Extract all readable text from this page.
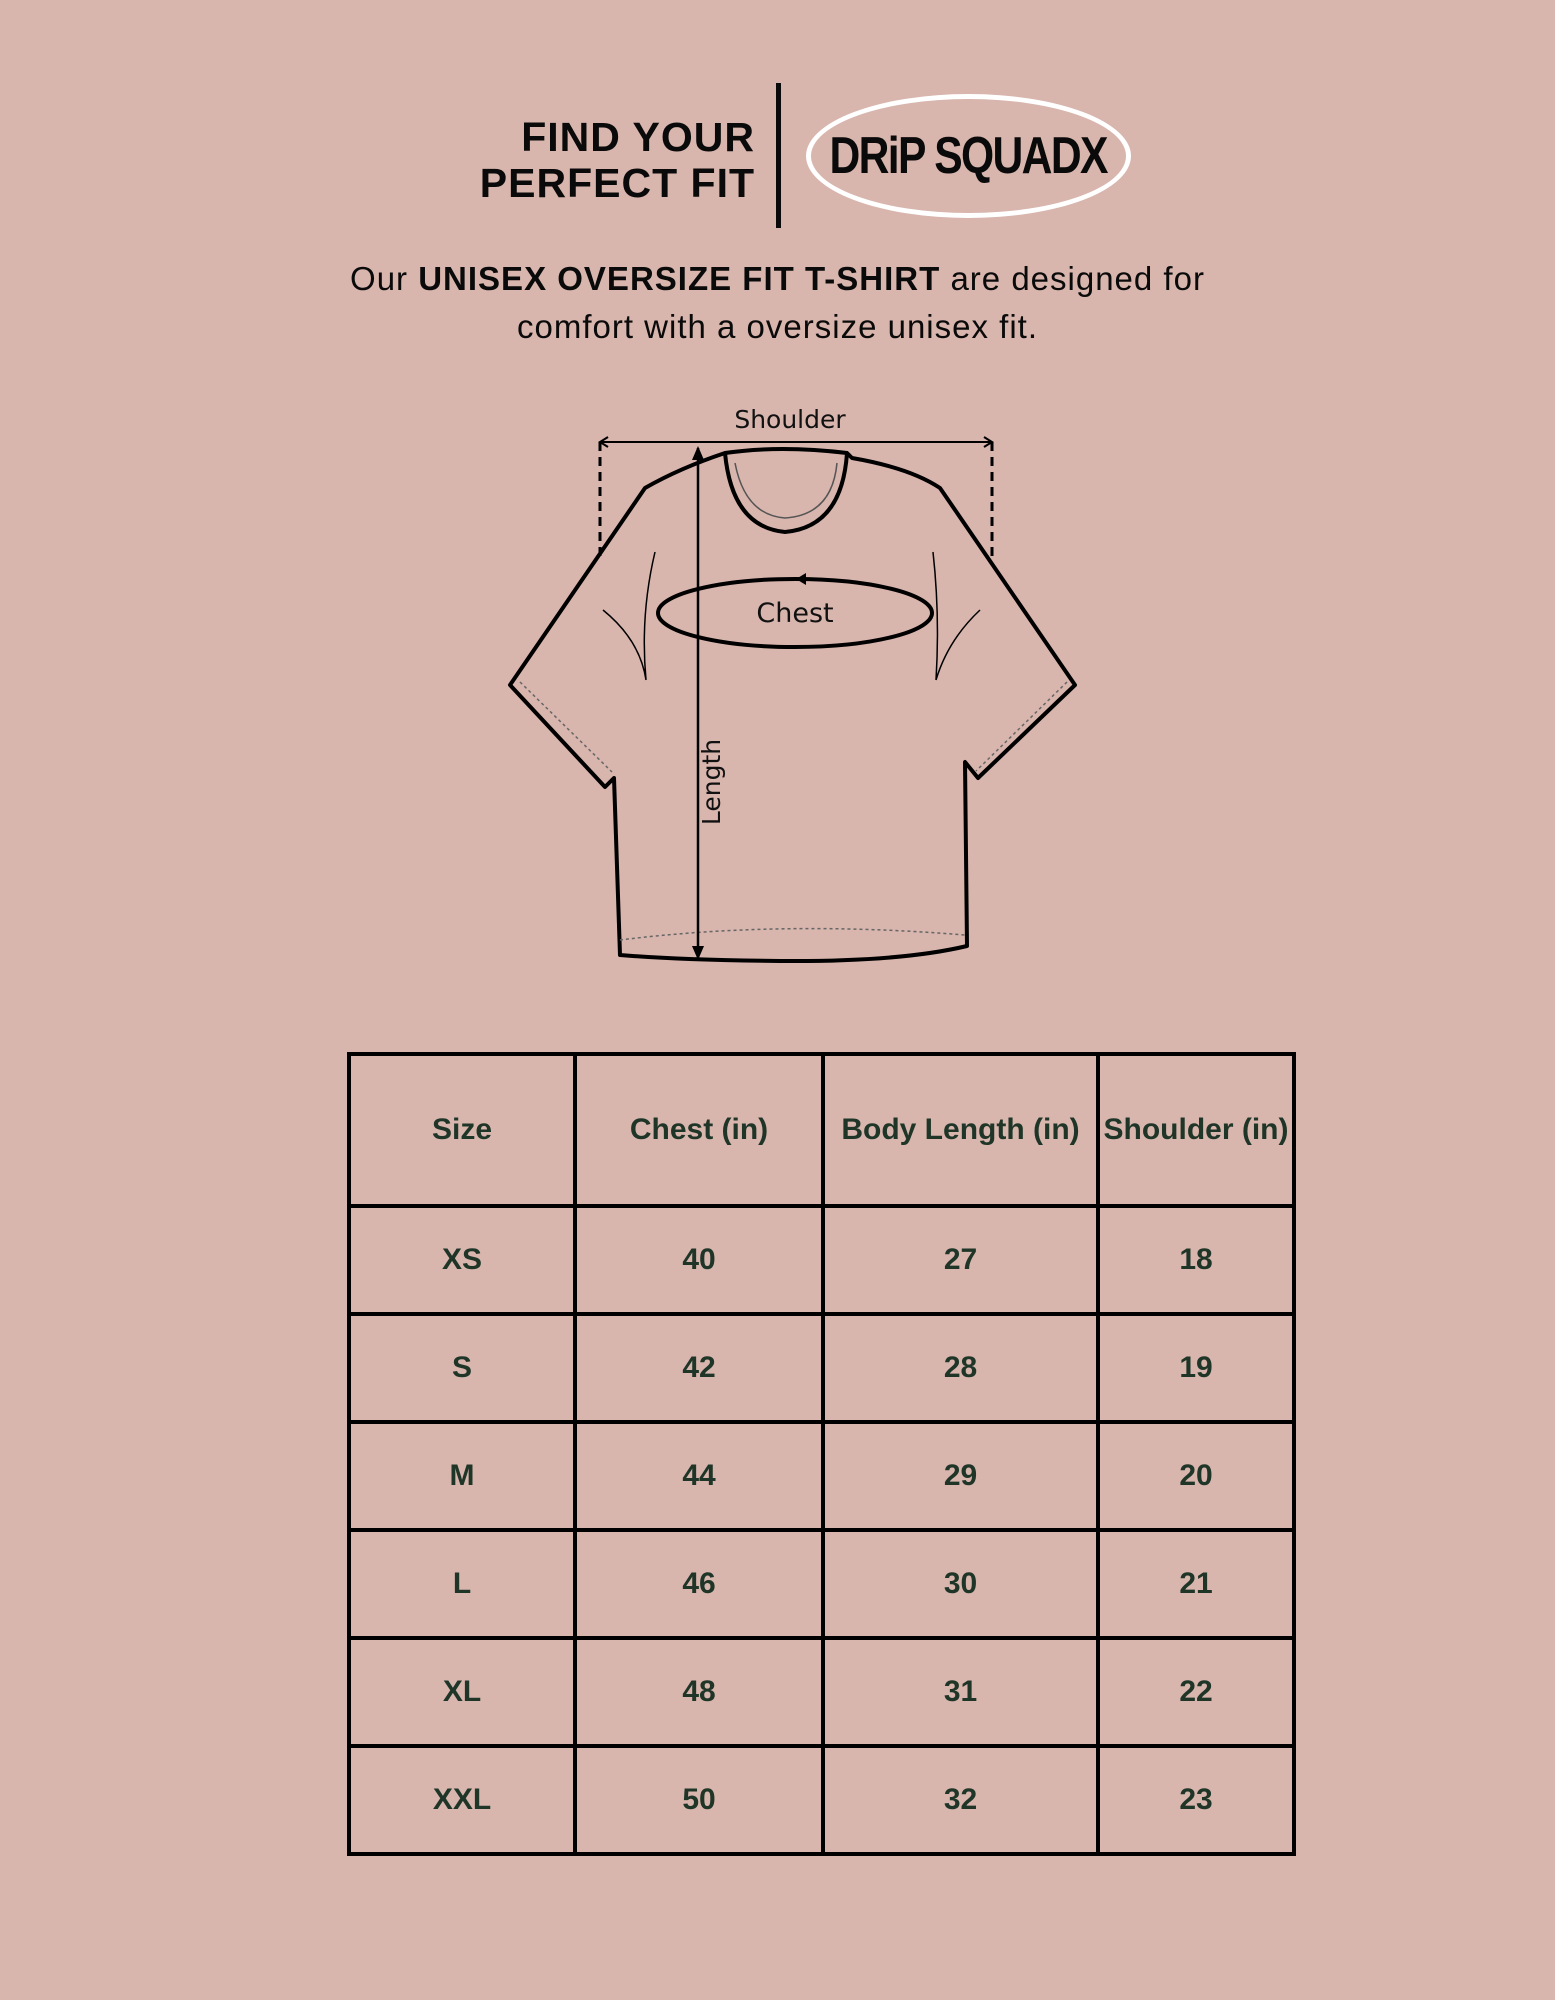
FIND YOUR
PERFECT FIT DRiP SQUADX
Our UNISEX OVERSIZE FIT T-SHIRT are designed for
comfort with a oversize unisex fit.
Shoulder
Chest
Length
Size	Chest (in)	Body Length (in)	Shoulder (in)
XS	40	27	18
S	42	28	19
M	44	29	20
L	46	30	21
XL	48	31	22
XXL	50	32	23
